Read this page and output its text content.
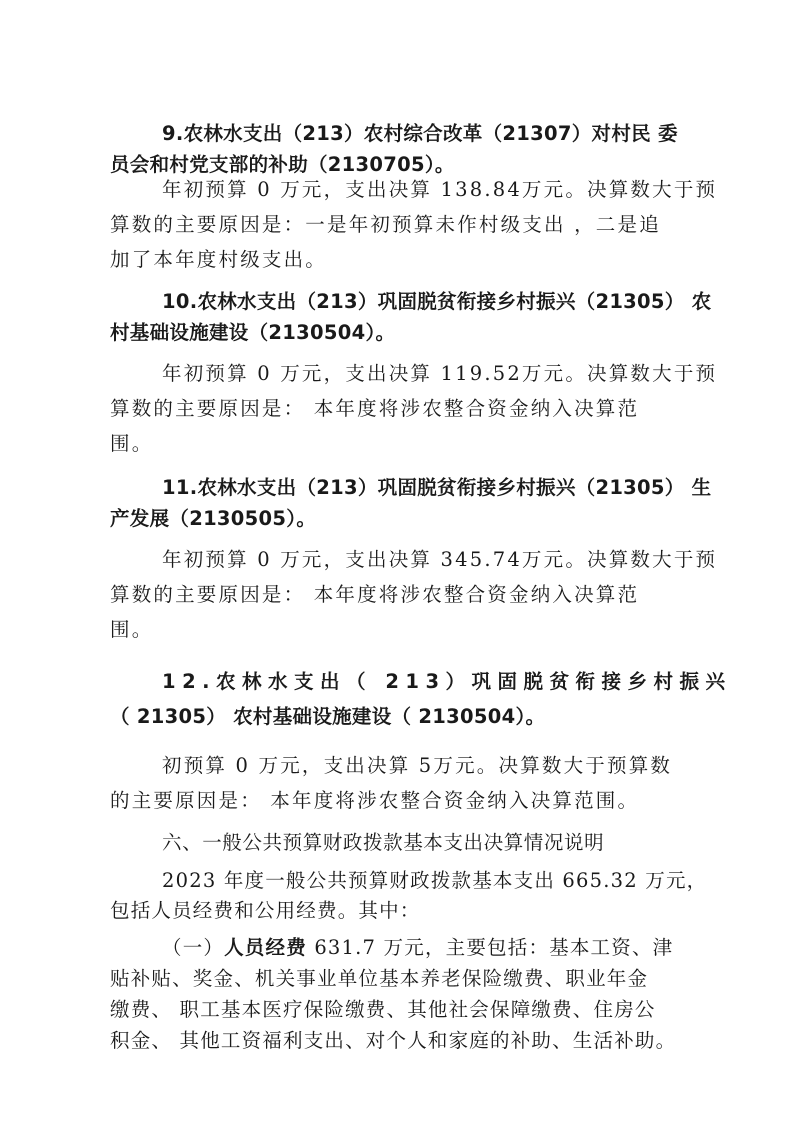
9.农林水支出（213）农村综合改革（21307）对村民 委
员会和村党支部的补助（2130705）。
年初预算 0 万元，支出决算 138.84万元。决算数大于预
算数的主要原因是：一是年初预算未作村级支出 ，二是追
加了本年度村级支出。
10.农林水支出（213）巩固脱贫衔接乡村振兴（21305） 农
村基础设施建设（2130504）。
年初预算 0 万元，支出决算 119.52万元。决算数大于预
算数的主要原因是： 本年度将涉农整合资金纳入决算范
围。
11.农林水支出（213）巩固脱贫衔接乡村振兴（21305） 生
产发展（2130505）。
年初预算 0 万元，支出决算 345.74万元。决算数大于预
算数的主要原因是： 本年度将涉农整合资金纳入决算范
围。
12.农林水支出（ 213）巩固脱贫衔接乡村振兴
（ 21305） 农村基础设施建设（ 2130504）。
初预算 0 万元，支出决算 5万元。决算数大于预算数
的主要原因是： 本年度将涉农整合资金纳入决算范围。
六、一般公共预算财政拨款基本支出决算情况说明
2023 年度一般公共预算财政拨款基本支出 665.32 万元，
包括人员经费和公用经费。其中：
（一）人员经费 631.7 万元，主要包括：基本工资、津
贴补贴、奖金、机关事业单位基本养老保险缴费、职业年金
缴费、 职工基本医疗保险缴费、其他社会保障缴费、住房公
积金、 其他工资福利支出、对个人和家庭的补助、生活补助。
